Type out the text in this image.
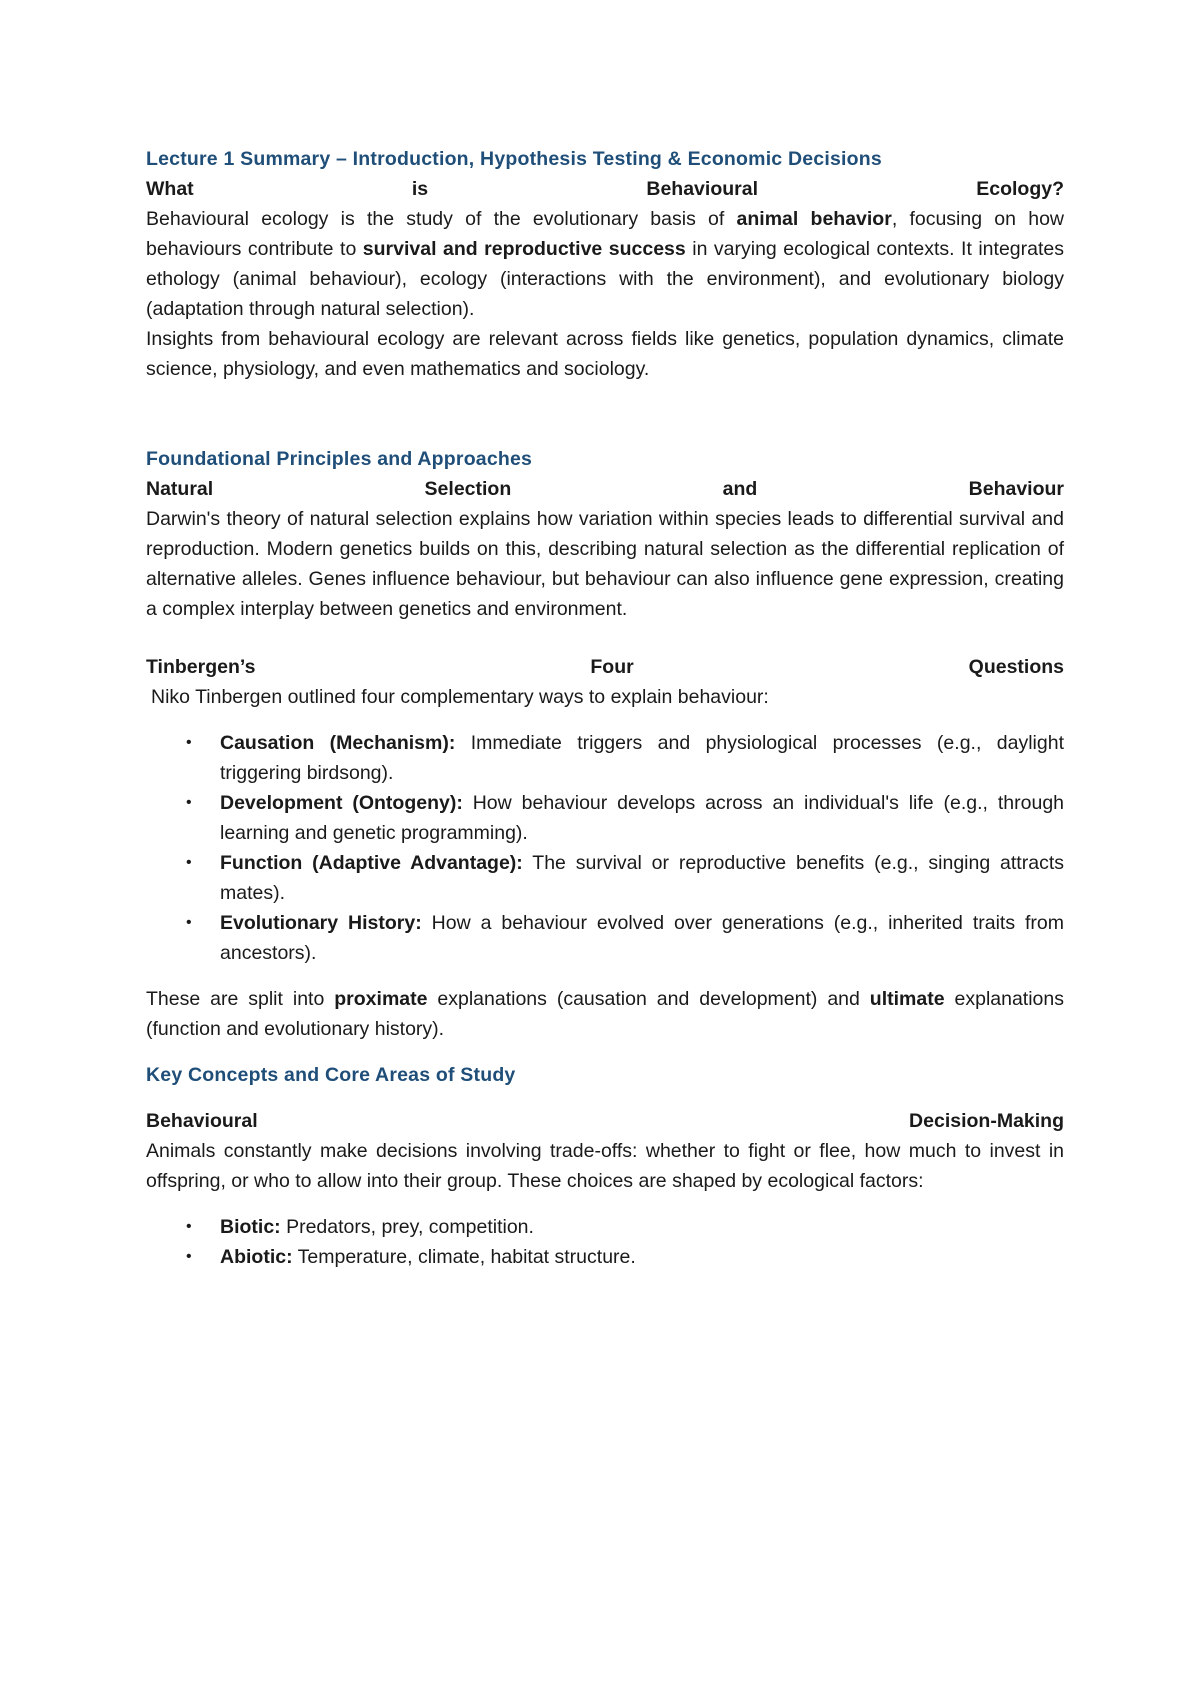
Lecture 1 Summary – Introduction, Hypothesis Testing & Economic Decisions

What is Behavioural Ecology?

Behavioural ecology is the study of the evolutionary basis of animal behavior, focusing on how behaviours contribute to survival and reproductive success in varying ecological contexts. It integrates ethology (animal behaviour), ecology (interactions with the environment), and evolutionary biology (adaptation through natural selection).

Insights from behavioural ecology are relevant across fields like genetics, population dynamics, climate science, physiology, and even mathematics and sociology.

Foundational Principles and Approaches

Natural Selection and Behaviour

Darwin's theory of natural selection explains how variation within species leads to differential survival and reproduction. Modern genetics builds on this, describing natural selection as the differential replication of alternative alleles. Genes influence behaviour, but behaviour can also influence gene expression, creating a complex interplay between genetics and environment.

Tinbergen’s Four Questions

Niko Tinbergen outlined four complementary ways to explain behaviour:

• Causation (Mechanism): Immediate triggers and physiological processes (e.g., daylight triggering birdsong).
• Development (Ontogeny): How behaviour develops across an individual's life (e.g., through learning and genetic programming).
• Function (Adaptive Advantage): The survival or reproductive benefits (e.g., singing attracts mates).
• Evolutionary History: How a behaviour evolved over generations (e.g., inherited traits from ancestors).

These are split into proximate explanations (causation and development) and ultimate explanations (function and evolutionary history).

Key Concepts and Core Areas of Study

Behavioural Decision-Making

Animals constantly make decisions involving trade-offs: whether to fight or flee, how much to invest in offspring, or who to allow into their group. These choices are shaped by ecological factors:

• Biotic: Predators, prey, competition.
• Abiotic: Temperature, climate, habitat structure.
